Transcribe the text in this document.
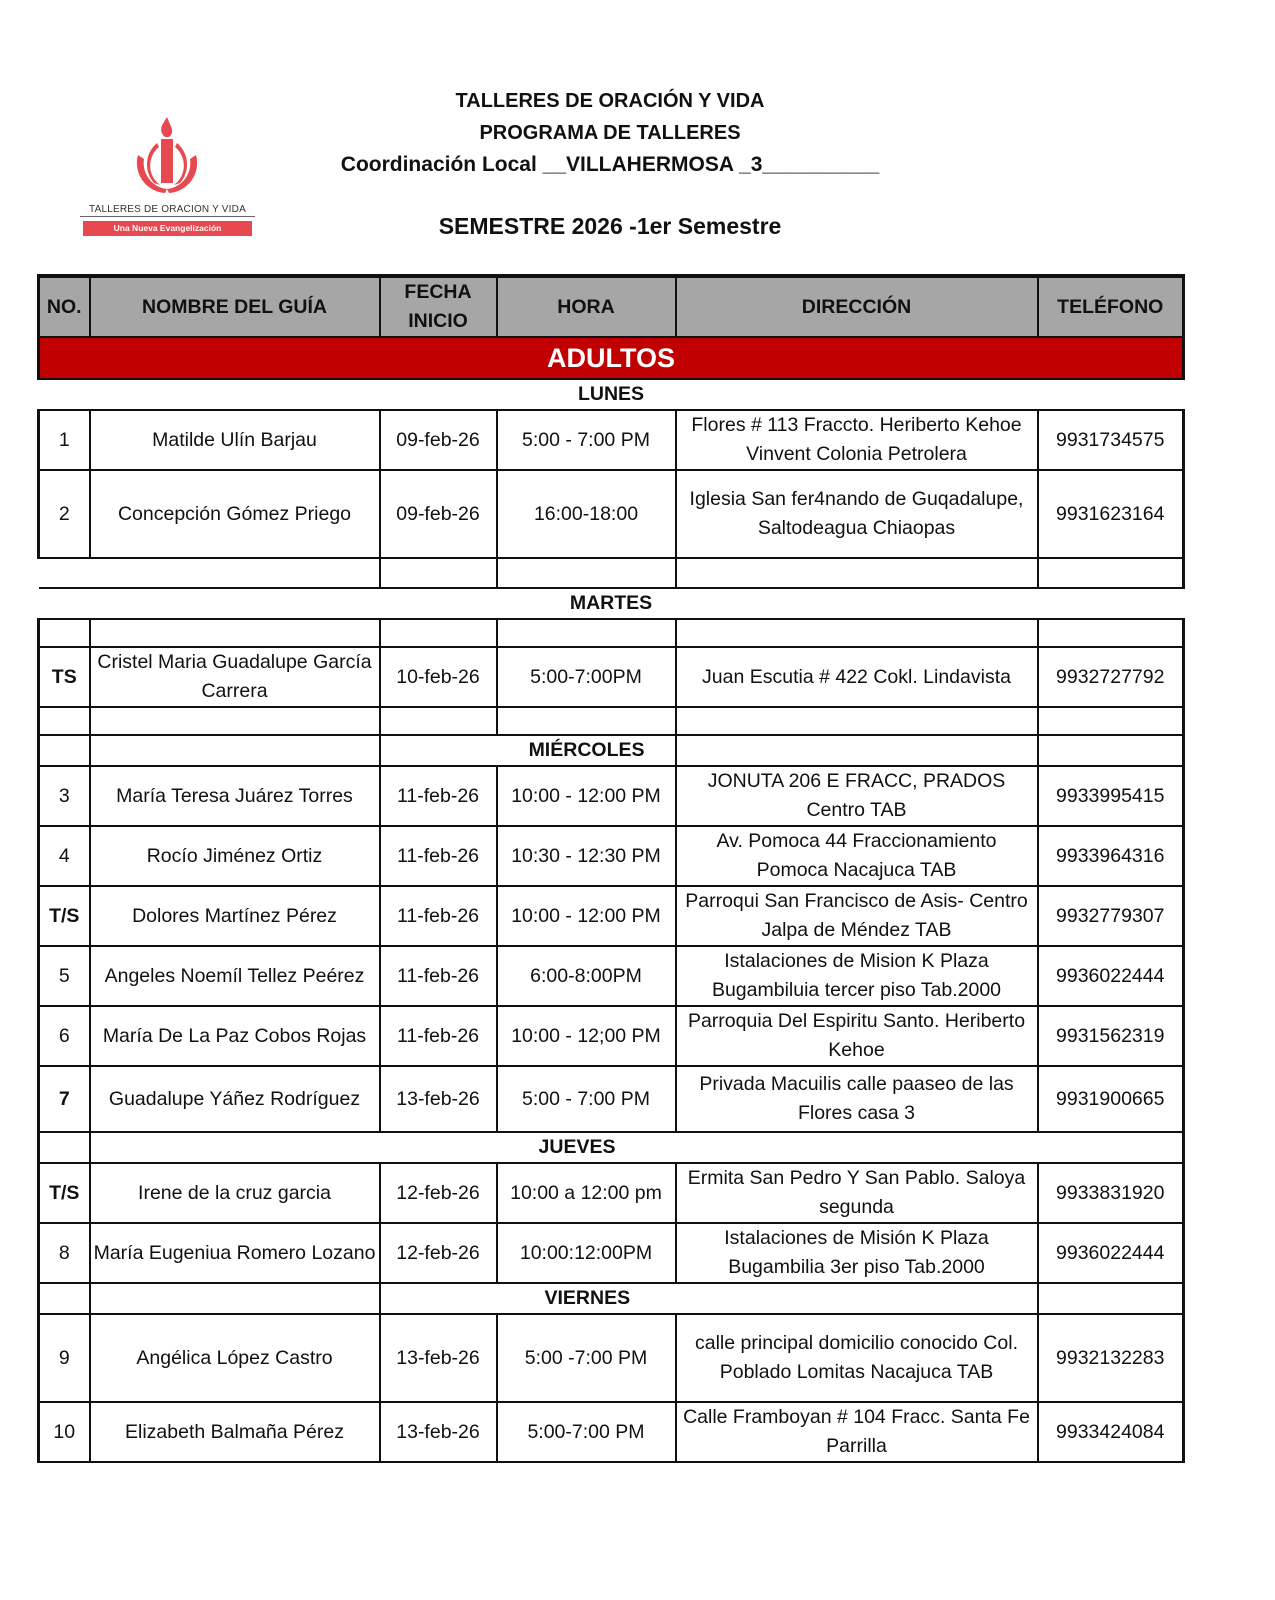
TALLERES DE ORACION Y VIDA
Una Nueva Evangelización
TALLERES DE ORACIÓN Y VIDA
PROGRAMA DE TALLERES
Coordinación Local __VILLAHERMOSA _3__________
SEMESTRE 2026 -1er Semestre
NO.	NOMBRE DEL GUÍA	FECHA INICIO	HORA	DIRECCIÓN	TELÉFONO
ADULTOS					
LUNES					
1	Matilde Ulín Barjau	09-feb-26	5:00 - 7:00 PM	Flores # 113 Fraccto. Heriberto Kehoe Vinvent Colonia Petrolera	9931734575
2	Concepción Gómez Priego	09-feb-26	16:00-18:00	Iglesia San fer4nando de Guqadalupe, Saltodeagua Chiaopas	9931623164

MARTES					

TS	Cristel Maria Guadalupe García Carrera	10-feb-26	5:00-7:00PM	Juan Escutia # 422 Cokl. Lindavista	9932727792

		MIÉRCOLES			
3	María Teresa Juárez Torres	11-feb-26	10:00 - 12:00 PM	JONUTA 206 E FRACC, PRADOS Centro TAB	9933995415
4	Rocío Jiménez Ortiz	11-feb-26	10:30 - 12:30 PM	Av. Pomoca 44 Fraccionamiento Pomoca Nacajuca TAB	9933964316
T/S	Dolores Martínez Pérez	11-feb-26	10:00 - 12:00 PM	Parroqui San Francisco de Asis- Centro Jalpa de Méndez TAB	9932779307
5	Angeles Noemíl Tellez Peérez	11-feb-26	6:00-8:00PM	Istalaciones de Mision K Plaza Bugambiluia tercer piso Tab.2000	9936022444
6	María De La Paz Cobos Rojas	11-feb-26	10:00 - 12;00 PM	Parroquia Del Espiritu Santo. Heriberto Kehoe	9931562319
7	Guadalupe Yáñez Rodríguez	13-feb-26	5:00 - 7:00 PM	Privada Macuilis calle paaseo de las Flores casa 3	9931900665
	JUEVES				
T/S	Irene de la cruz garcia	12-feb-26	10:00 a 12:00 pm	Ermita San Pedro Y San Pablo. Saloya segunda	9933831920
8	María Eugeniua Romero Lozano	12-feb-26	10:00:12:00PM	Istalaciones de Misión K Plaza Bugambilia 3er piso Tab.2000	9936022444
		VIERNES			
9	Angélica López Castro	13-feb-26	5:00 -7:00 PM	calle principal domicilio conocido Col. Poblado Lomitas Nacajuca TAB	9932132283
10	Elizabeth Balmaña Pérez	13-feb-26	5:00-7:00 PM	Calle Framboyan # 104 Fracc. Santa Fe Parrilla	9933424084
